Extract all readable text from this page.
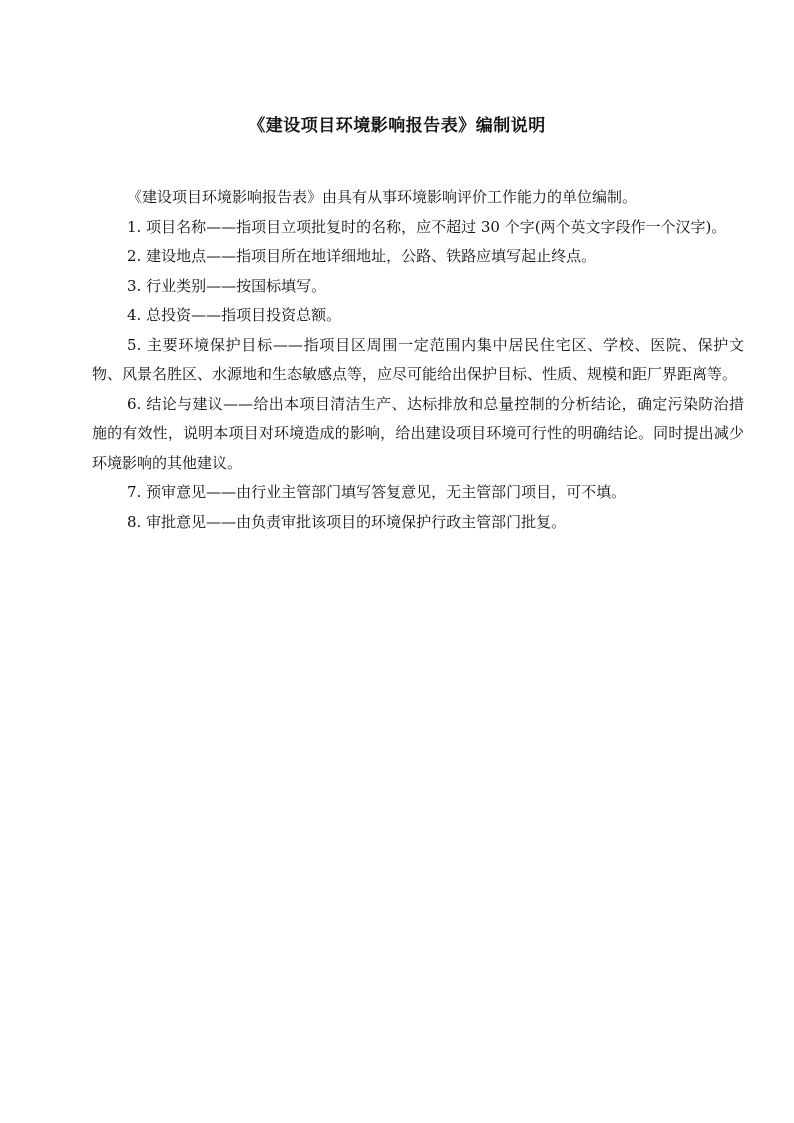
《建设项目环境影响报告表》编制说明

《建设项目环境影响报告表》由具有从事环境影响评价工作能力的单位编制。

1. 项目名称——指项目立项批复时的名称，应不超过 30 个字(两个英文字段作一个汉字)。

2. 建设地点——指项目所在地详细地址，公路、铁路应填写起止终点。

3. 行业类别——按国标填写。

4. 总投资——指项目投资总额。

5. 主要环境保护目标——指项目区周围一定范围内集中居民住宅区、学校、医院、保护文物、风景名胜区、水源地和生态敏感点等，应尽可能给出保护目标、性质、规模和距厂界距离等。

6. 结论与建议——给出本项目清洁生产、达标排放和总量控制的分析结论，确定污染防治措施的有效性，说明本项目对环境造成的影响，给出建设项目环境可行性的明确结论。同时提出减少环境影响的其他建议。

7. 预审意见——由行业主管部门填写答复意见，无主管部门项目，可不填。

8. 审批意见——由负责审批该项目的环境保护行政主管部门批复。
